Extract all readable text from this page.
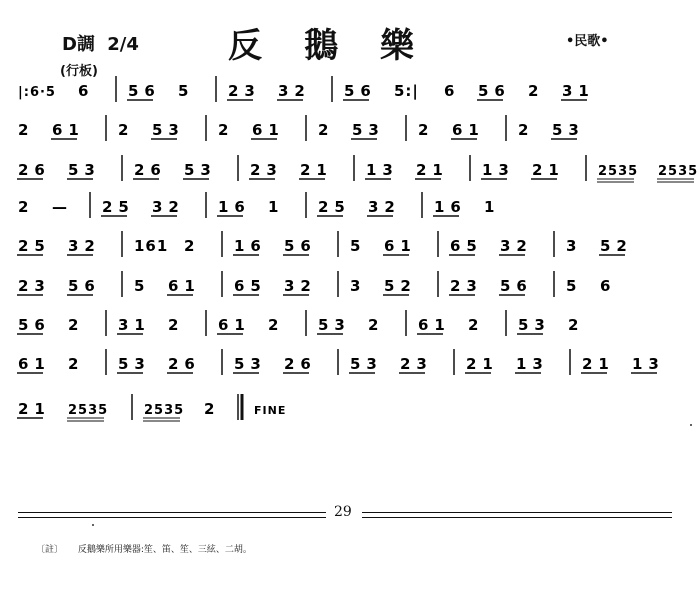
D調 2/4
(行板)
反鵝樂	•民歌•
|:6·5 6	56 5	23 32 56 5:| 6 56 2 31
2 61 2 53 2 61 2 53 2 61 2 53
26 53 26 53 23 21 13 21 13 21	2535 2535
2 — 25 32 16 1	25 32 16 1
25 32 161 2	16 56 5 61 65 32 3 52
23 56 5 61 65 32 3 52 23 56 5 6
56 2	31 2	61 2	53 2	61 2	53 2
61 2	53 26 53 26 53 23 21 13 21 13
21 2535	2535 2	FINE
29
〔註〕 反鵝樂所用樂器:笙、笛、笙、三絃、二胡。
